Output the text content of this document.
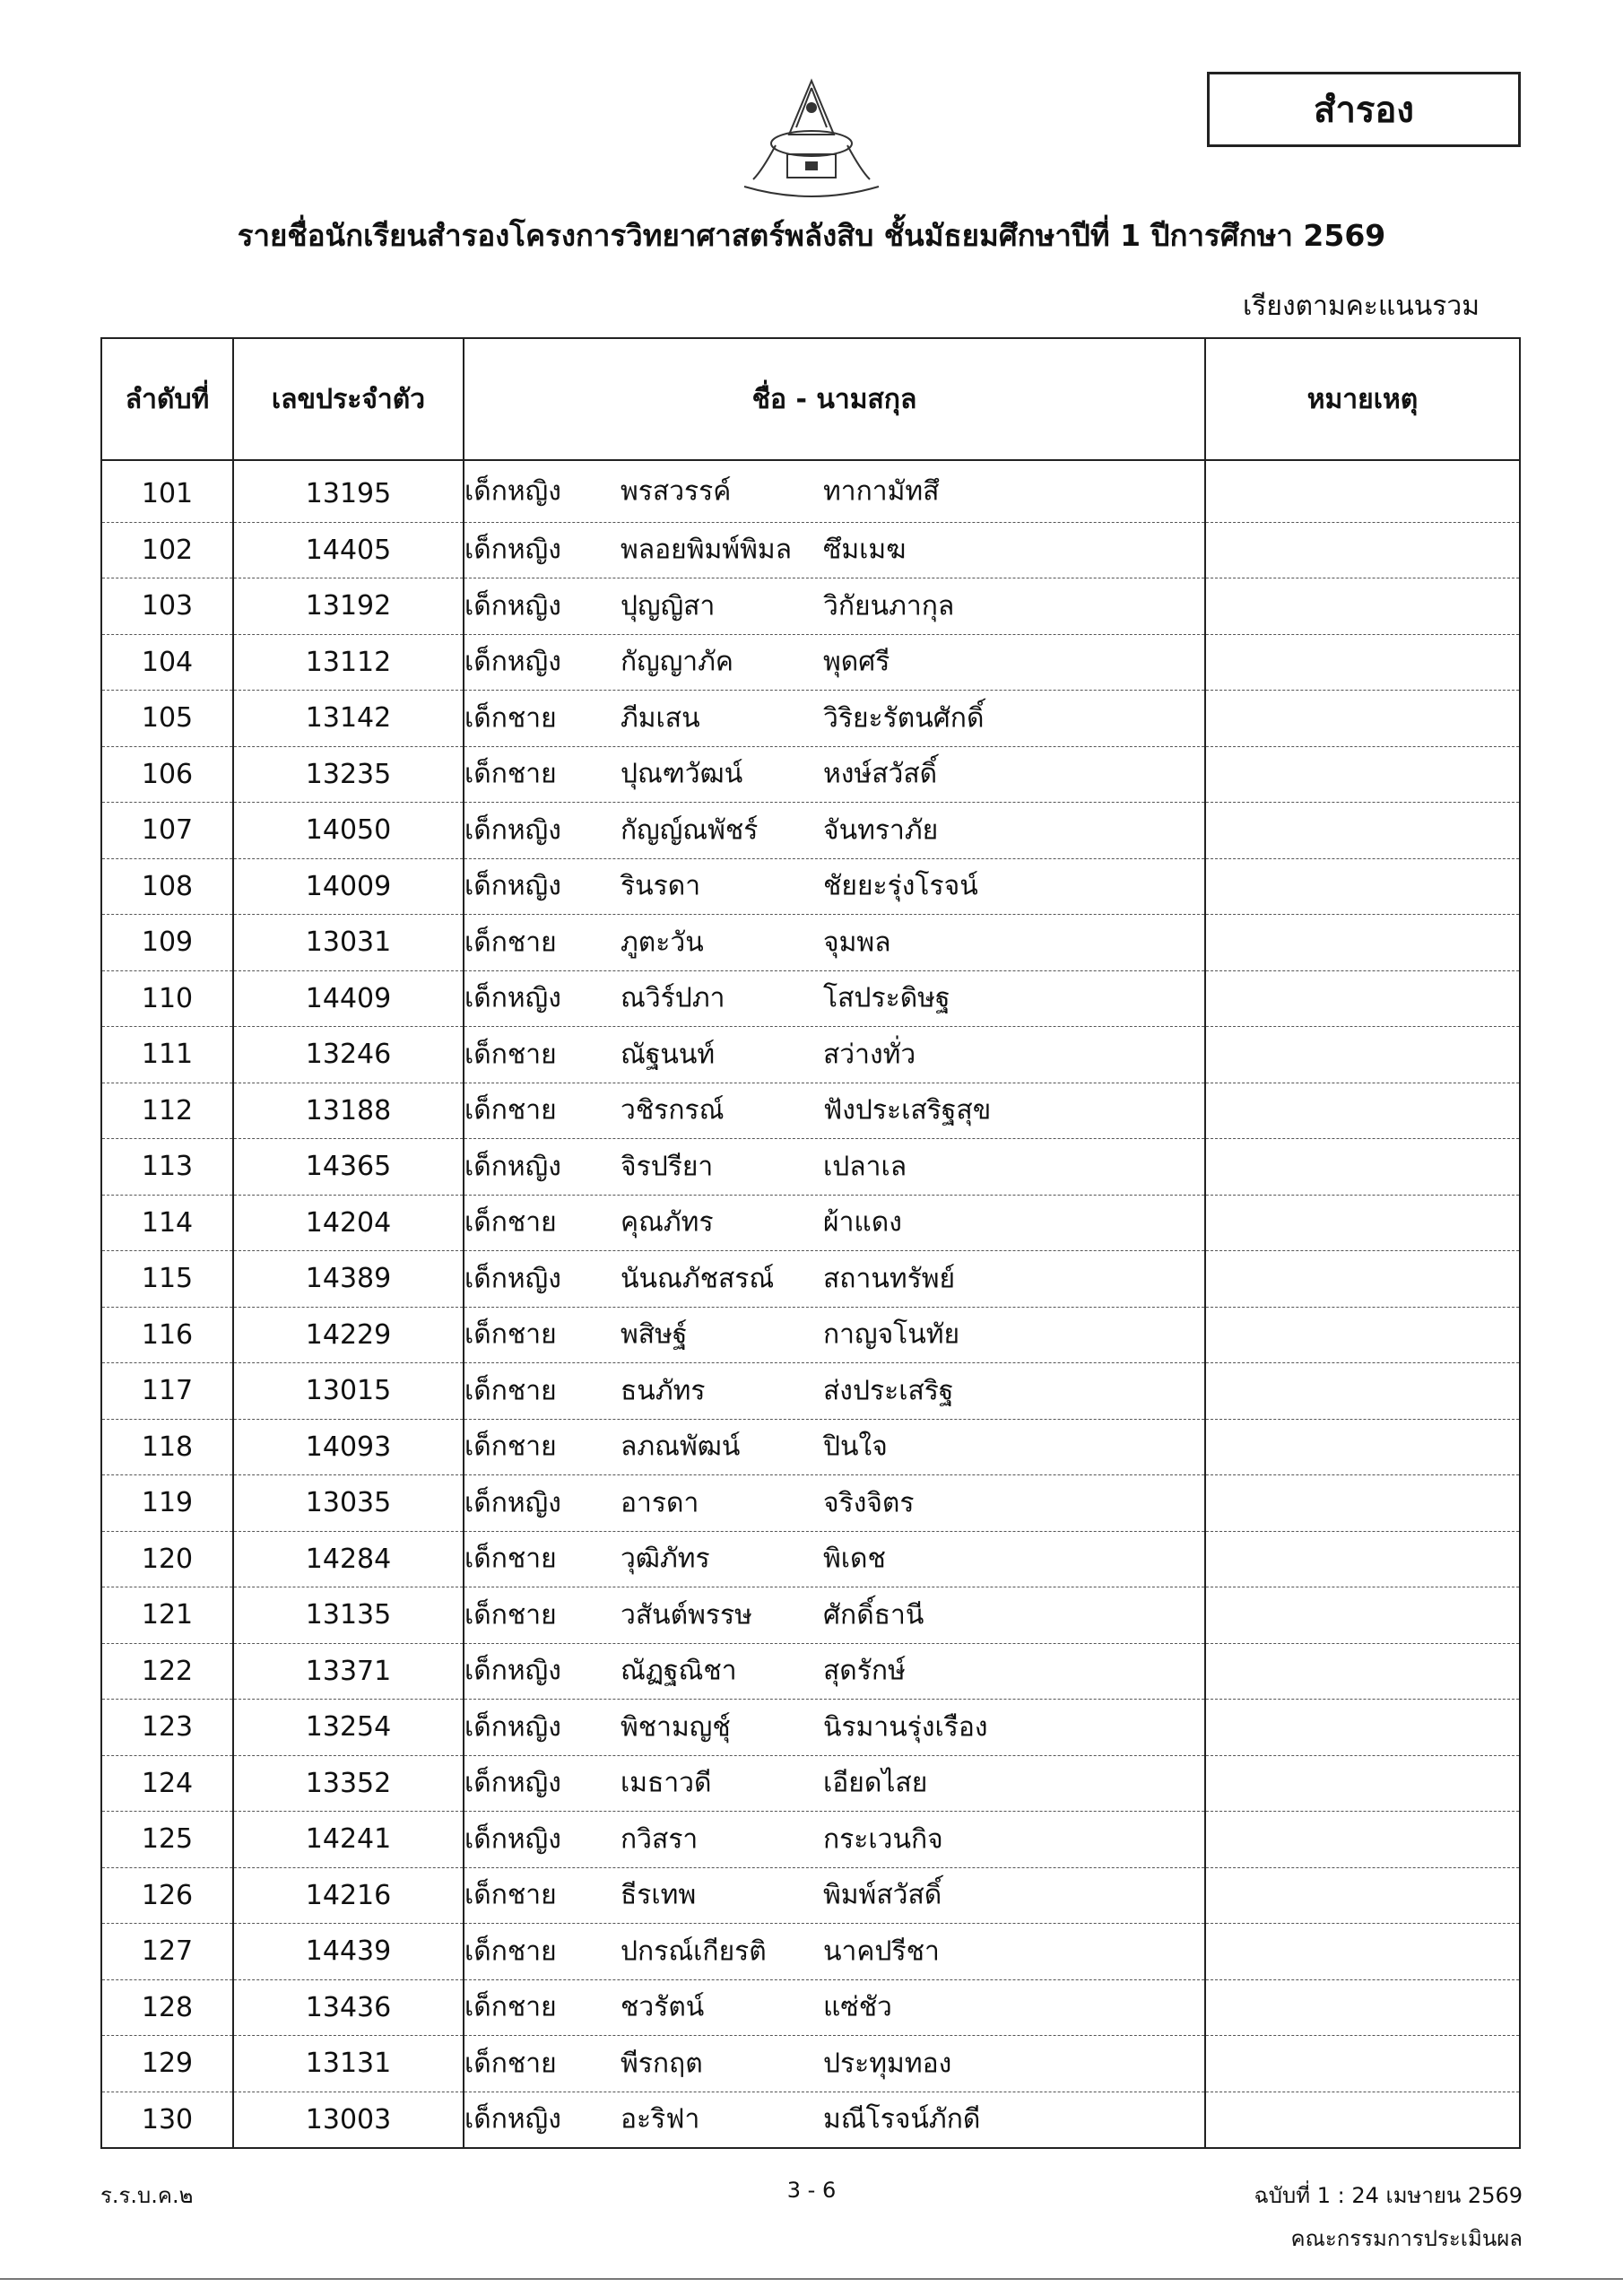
สำรอง
รายชื่อนักเรียนสำรองโครงการวิทยาศาสตร์พลังสิบ ชั้นมัธยมศึกษาปีที่ 1 ปีการศึกษา 2569
เรียงตามคะแนนรวม
ลำดับที่	เลขประจำตัว	ชื่อ - นามสกุล	หมายเหตุ
101	13195	เด็กหญิง พรสวรรค์ ทากามัทสึ	

102	14405	เด็กหญิง พลอยพิมพ์พิมล ซึมเมฆ	

103	13192	เด็กหญิง ปุญญิสา วิกัยนภากุล	

104	13112	เด็กหญิง กัญญาภัค พุดศรี	

105	13142	เด็กชาย ภีมเสน วิริยะรัตนศักดิ์	

106	13235	เด็กชาย ปุณฑวัฒน์ หงษ์สวัสดิ์	

107	14050	เด็กหญิง กัญญ์ณพัชร์ จันทราภัย	

108	14009	เด็กหญิง รินรดา ชัยยะรุ่งโรจน์	

109	13031	เด็กชาย ภูตะวัน จุมพล	

110	14409	เด็กหญิง ณวิร์ปภา โสประดิษฐ	

111	13246	เด็กชาย ณัฐนนท์ สว่างทั่ว	

112	13188	เด็กชาย วชิรกรณ์ ฟังประเสริฐสุข	

113	14365	เด็กหญิง จิรปรียา เปลาเล	

114	14204	เด็กชาย คุณภัทร ผ้าแดง	

115	14389	เด็กหญิง นันณภัชสรณ์ สถานทรัพย์	

116	14229	เด็กชาย พสิษฐ์ กาญจโนทัย	

117	13015	เด็กชาย ธนภัทร ส่งประเสริฐ	

118	14093	เด็กชาย ลภณพัฒน์ ปินใจ	

119	13035	เด็กหญิง อารดา จริงจิตร	

120	14284	เด็กชาย วุฒิภัทร พิเดช	

121	13135	เด็กชาย วสันต์พรรษ ศักดิ์ธานี	

122	13371	เด็กหญิง ณัฏฐณิชา สุดรักษ์	

123	13254	เด็กหญิง พิชามญชุ์ นิรมานรุ่งเรือง	

124	13352	เด็กหญิง เมธาวดี เอียดไสย	

125	14241	เด็กหญิง กวิสรา กระเวนกิจ	

126	14216	เด็กชาย ธีรเทพ พิมพ์สวัสดิ์	

127	14439	เด็กชาย ปกรณ์เกียรติ นาคปรีชา	

128	13436	เด็กชาย ชวรัตน์ แซ่ชัว	

129	13131	เด็กชาย พีรกฤต ประทุมทอง	

130	13003	เด็กหญิง อะริฟา มณีโรจน์ภักดี	

ร.ร.บ.ค.๒	3 - 6	ฉบับที่ 1 : 24 เมษายน 2569
คณะกรรมการประเมินผล
